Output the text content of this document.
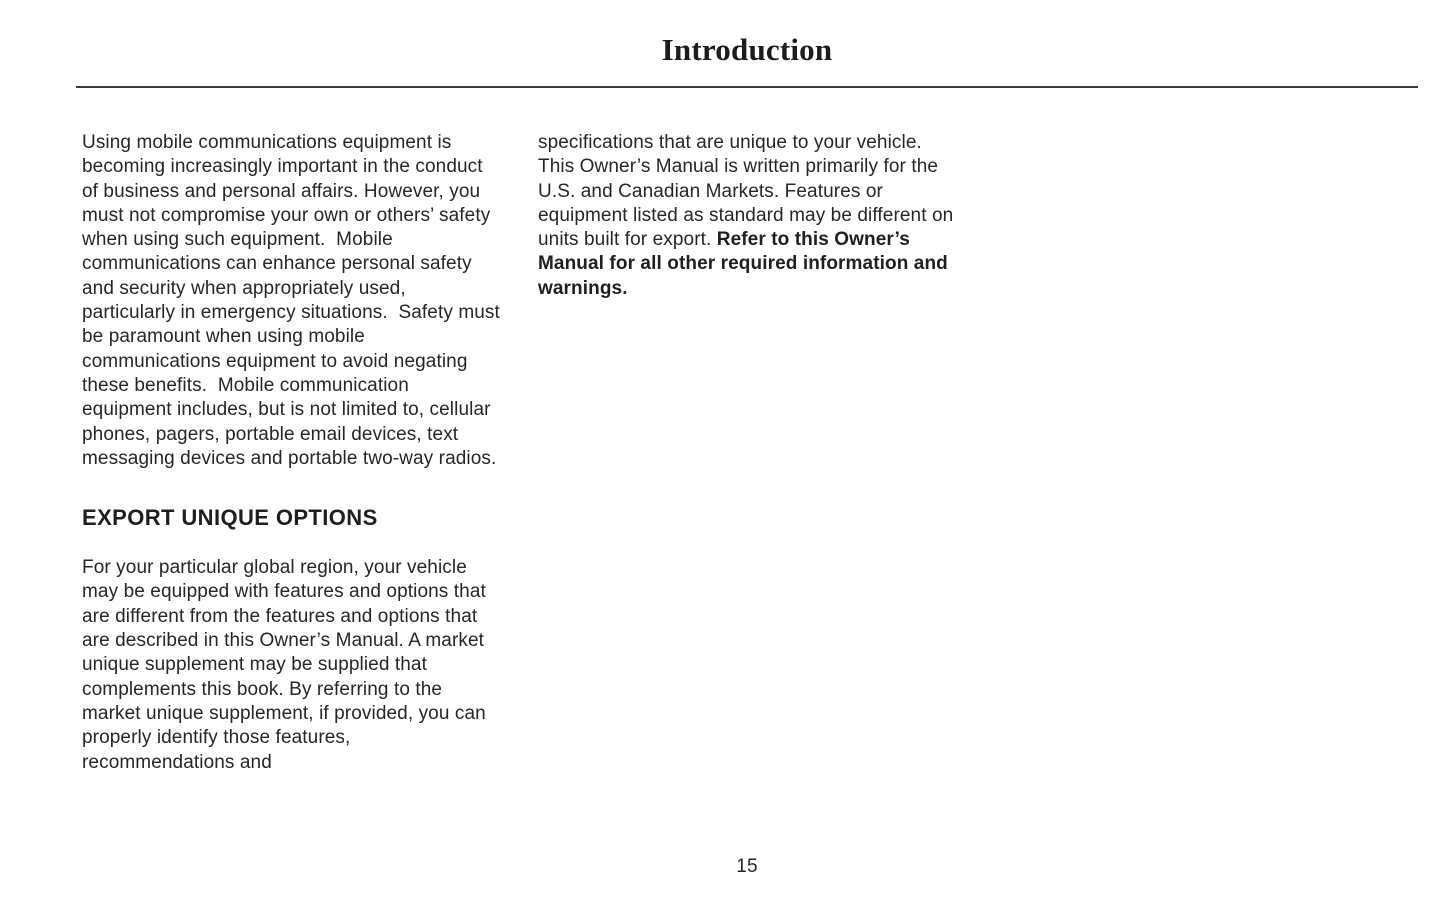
Introduction

Using mobile communications equipment is becoming increasingly important in the conduct of business and personal affairs. However, you must not compromise your own or others’ safety when using such equipment.  Mobile communications can enhance personal safety and security when appropriately used, particularly in emergency situations.  Safety must be paramount when using mobile communications equipment to avoid negating these benefits.  Mobile communication equipment includes, but is not limited to, cellular phones, pagers, portable email devices, text messaging devices and portable two-way radios.

EXPORT UNIQUE OPTIONS

For your particular global region, your vehicle may be equipped with features and options that are different from the features and options that are described in this Owner’s Manual. A market unique supplement may be supplied that complements this book. By referring to the market unique supplement, if provided, you can properly identify those features, recommendations and

specifications that are unique to your vehicle. This Owner’s Manual is written primarily for the U.S. and Canadian Markets. Features or equipment listed as standard may be different on units built for export. Refer to this Owner’s Manual for all other required information and warnings.

15
